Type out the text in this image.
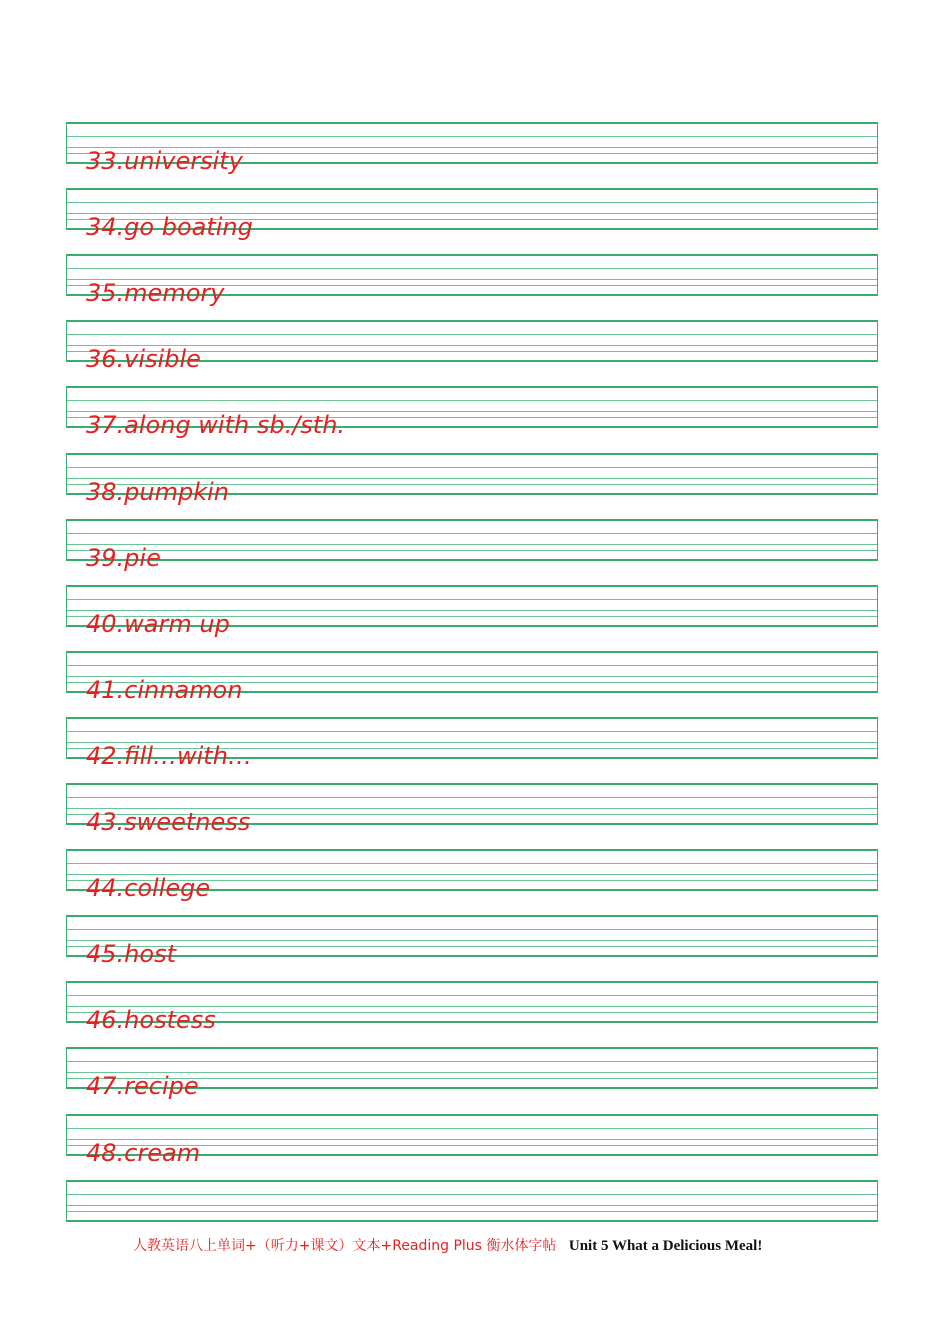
33.university
34.go boating
35.memory
36.visible
37.along with sb./sth.
38.pumpkin
39.pie
40.warm up
41.cinnamon
42.fill…with…
43.sweetness
44.college
45.host
46.hostess
47.recipe
48.cream
人教英语八上单词+（听力+课文）文本+Reading Plus 衡水体字帖 Unit 5 What a Delicious Meal!
